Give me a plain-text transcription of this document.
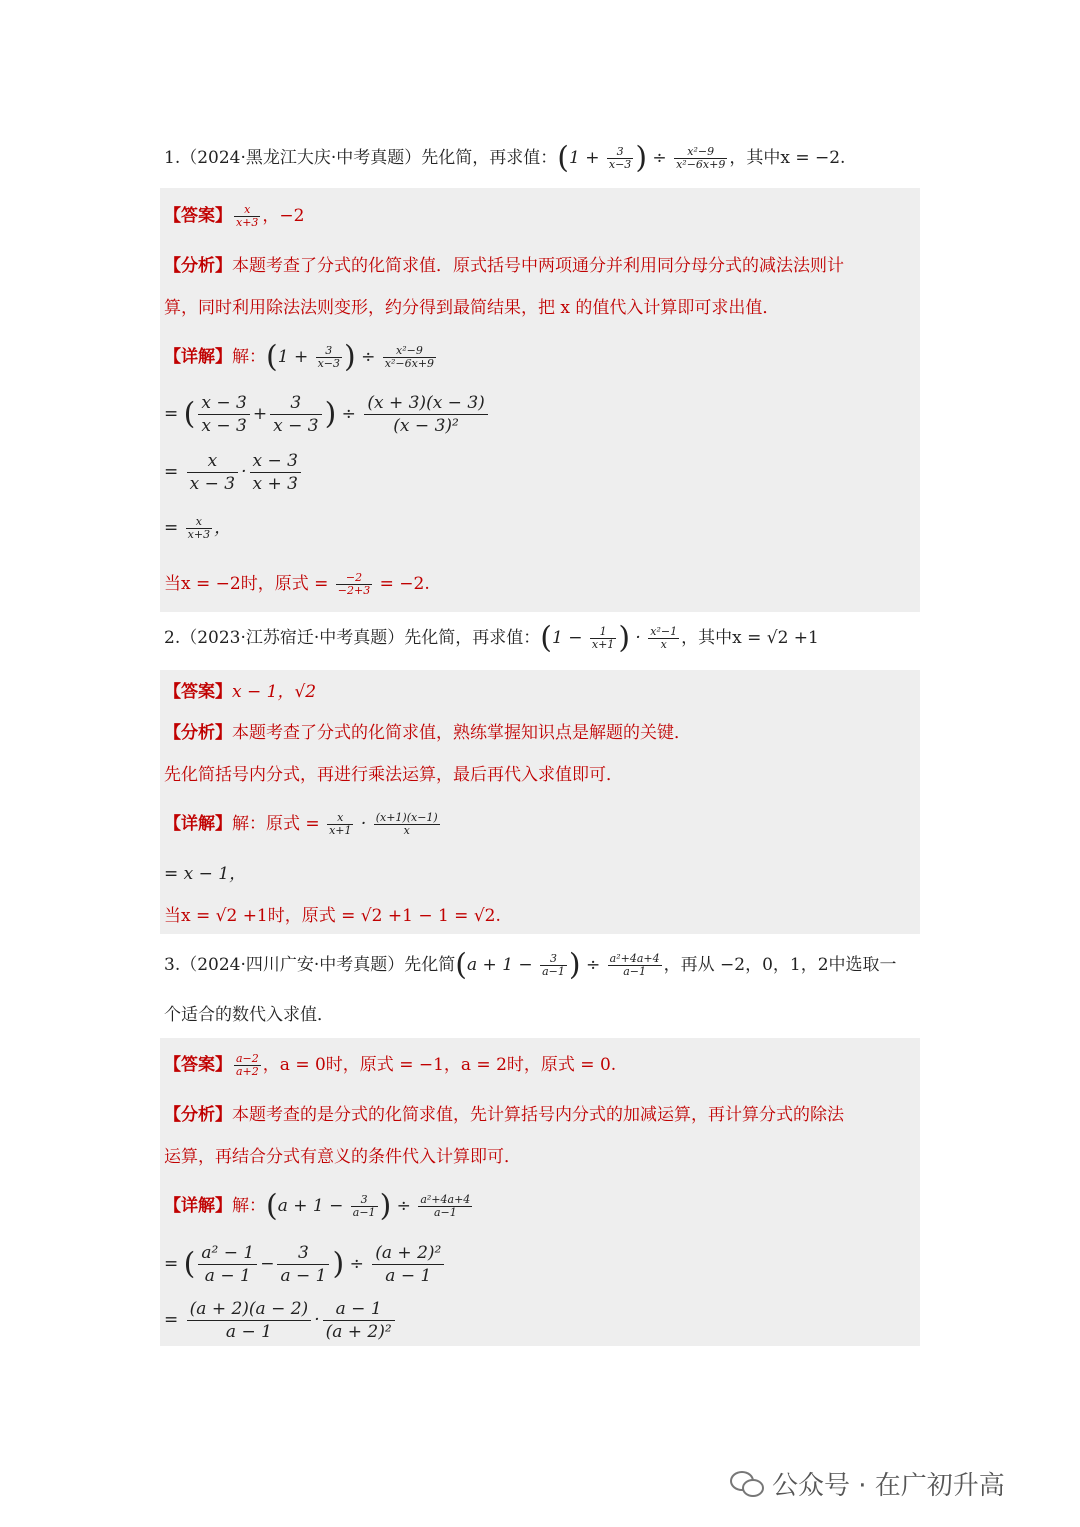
1.（2024·黑龙江大庆·中考真题）先化简，再求值：($1 + \frac{3}{x-3}$ ) ÷ $\frac{\text{x²−9}}{\text{x²−6x+9}}$ ，其中x = −2.
【答案】 $\frac{x}{x+3}$ ，−2
【分析】本题考查了分式的化简求值．原式括号中两项通分并利用同分母分式的减法法则计
算，同时利用除法法则变形，约分得到最简结果，把 x 的值代入计算即可求出值．
【详解】解：($1 + \frac{3}{x-3}$ ) ÷ $\frac{\text{x²−9}}{\text{x²−6x+9}}$
= ( $\frac{x - 3}{x - 3} + \frac{3}{x - 3}$ ) ÷ $\frac{(x + 3)(x - 3)}{\text{(x − 3)²}}$
= $\frac{x}{x - 3} \cdot \frac{x - 3}{x + 3}$
= $\frac{x}{x+3}$ ，
当x = −2时，原式 = $\frac{-2}{-2+3} = -2$.
2.（2023·江苏宿迁·中考真题）先化简，再求值：($1 - \frac{1}{x+1}$ ) · $\frac{\text{x²−1}}{x}$ ，其中x = √2 +1
【答案】x − 1，√2
【分析】本题考查了分式的化简求值，熟练掌握知识点是解题的关键．
先化简括号内分式，再进行乘法运算，最后再代入求值即可．
【详解】解：原式 = $\frac{x}{x+1} \cdot \frac{(x+1)(x-1)}{x}$
= x − 1，
当x = √2 +1时，原式 = √2 +1 − 1 = √2.
3.（2024·四川广安·中考真题）先化简($a + 1 - \frac{3}{a-1}$ ) ÷ $\frac{\text{a²+4a+4}}{a-1}$ ，再从 −2，0，1，2中选取一
个适合的数代入求值．
【答案】 $\frac{a-2}{a+2}$ ，a = 0时，原式 = −1，a = 2时，原式 = 0.
【分析】本题考查的是分式的化简求值，先计算括号内分式的加减运算，再计算分式的除法
运算，再结合分式有意义的条件代入计算即可．
【详解】解：($a + 1 - \frac{3}{a-1}$ ) ÷ $\frac{\text{a²+4a+4}}{a-1}$
= ( $\frac{\text{a² − 1}}{a - 1} - \frac{3}{a - 1}$ ) ÷ $\frac{\text{(a + 2)²}}{a - 1}$
= $\frac{(a + 2)(a - 2)}{a - 1} \cdot \frac{a - 1}{\text{(a + 2)²}}$
公众号 · 在广初升高
